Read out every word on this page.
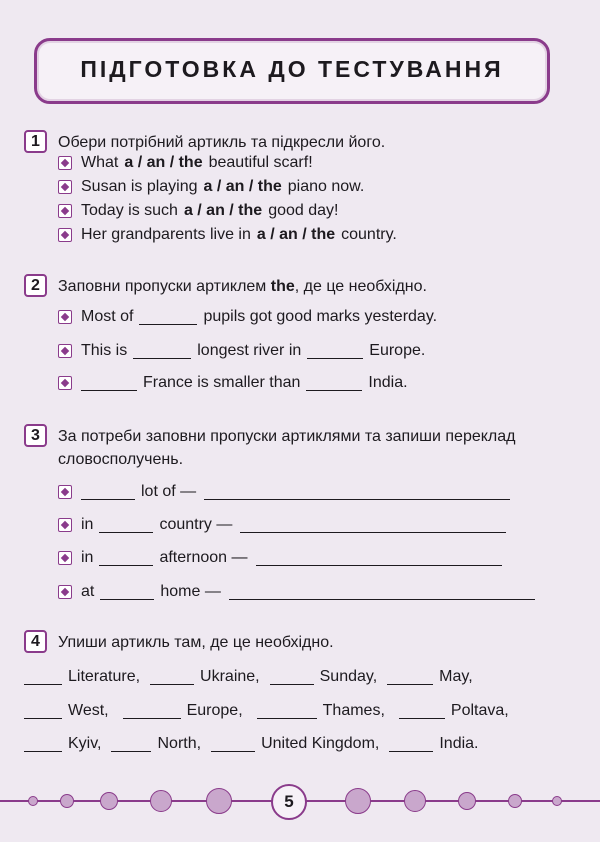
ПІДГОТОВКА ДО ТЕСТУВАННЯ
1	Обери потрібний артикль та підкресли його.
What a / an / the beautiful scarf!
Susan is playing a / an / the piano now.
Today is such a / an / the good day!
Her grandparents live in a / an / the country.
2	Заповни пропуски артиклем the, де це необхідно.
Most of	pupils got good marks yesterday.
This is	longest river in	Europe.
France is smaller than	India.
3	За потреби заповни пропуски артиклями та запиши переклад словосполучень.
lot of —
in	country —
in	afternoon —
at	home —
4	Упиши артикль там, де це необхідно.
Literature,	Ukraine,	Sunday,	May,
West,	Europe,	Thames,	Poltava,
Kyiv,	North,	United Kingdom,	India.
5
